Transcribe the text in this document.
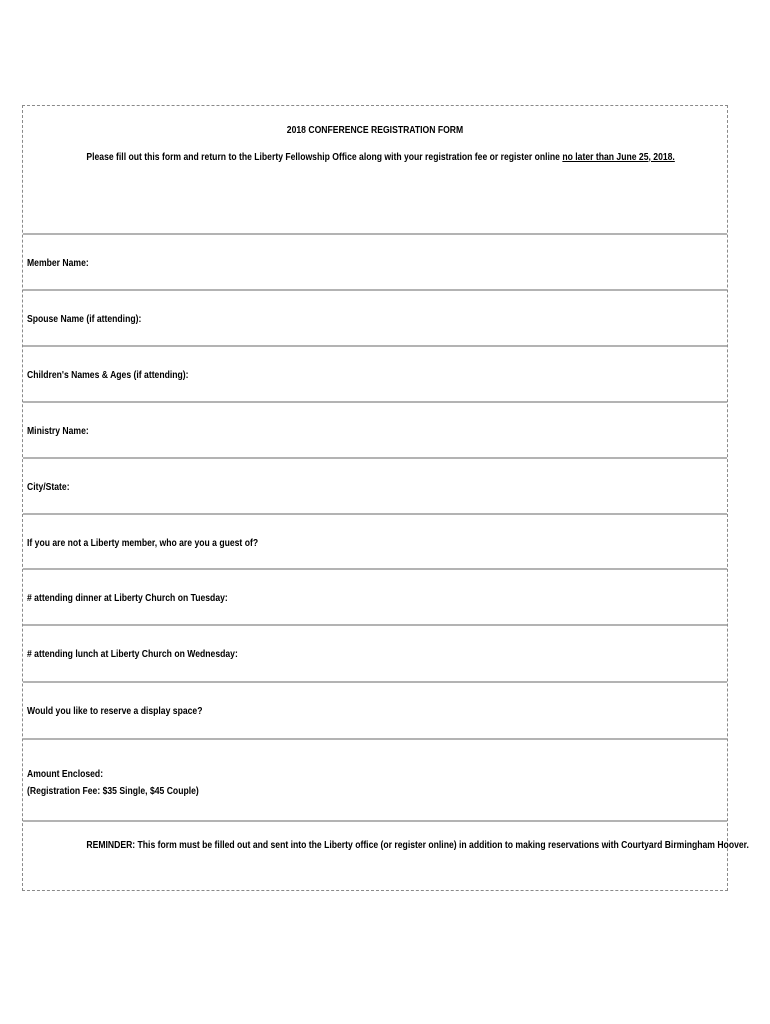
2018 CONFERENCE REGISTRATION FORM
Please fill out this form and return to the Liberty Fellowship Office along with your registration fee or register online no later than June 25, 2018.
Member Name:
Spouse Name (if attending):
Children's Names & Ages (if attending):
Ministry Name:
City/State:
If you are not a Liberty member, who are you a guest of?
# attending dinner at Liberty Church on Tuesday:
# attending lunch at Liberty Church on Wednesday:
Would you like to reserve a display space?
Amount Enclosed:
(Registration Fee: $35 Single, $45 Couple)
REMINDER: This form must be filled out and sent into the Liberty office (or register online) in addition to making reservations with Courtyard Birmingham Hoover.
